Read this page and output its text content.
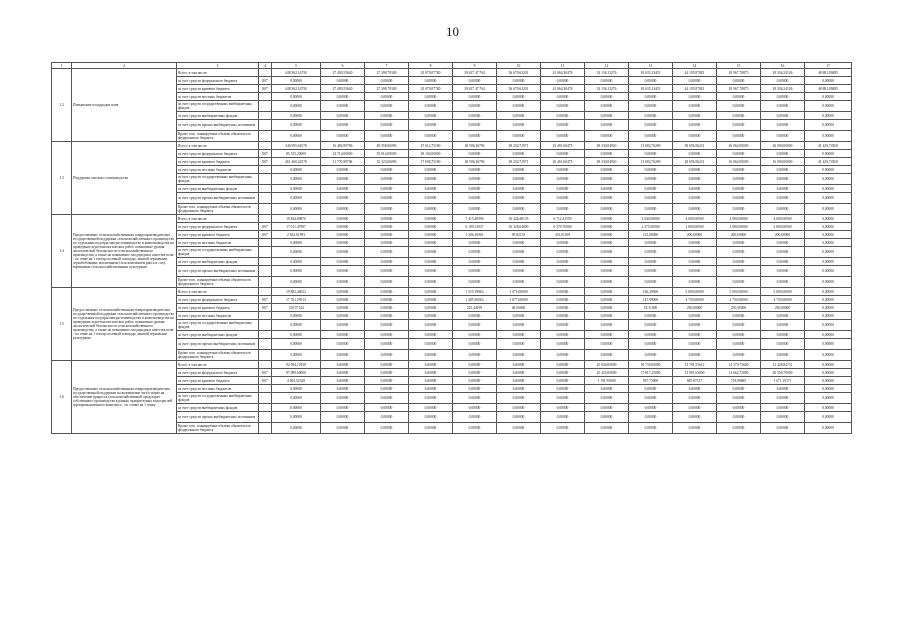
10
1	2	3	4	5	6	7	8	9	10	11	12	13	14	15	16	17
1.2	Повышение плодородия почв	Всего, в том числе:		448 362,16750	27 490 55640	27 398,79349	35 079,07780	39 637 47 764	36 670,63201	41 064,30478	33 136,13276	18 635,13433	44 105,87881	18 967,78875	29 336,54126	48 881,09485
		за счет средств федерального бюджета	807	0,00000	0,00000	0,00000	0,00000	0,00000	0,00000	0,00000	0,00000	0,00000	0,00000	0,00000	0,00000	0,00000
		за счет средств краевого бюджета	807	448 362,16750	27 490,55640	27 398,79349	35 079,07780	39 637 47 764	36 670,63201	41 064,30478	33 136,13276	18 635,13433	44 105,87881	18 967,78875	29 336,54126	48 881,09485
		за счет средств местных бюджетов		0,00000	0,00000	0,00000	0,00000	0,00000	0,00000	0,00000	0,00000	0,00000	0,00000	0,00000	0,00000	0,00000
		за счет средств государственных внебюджетных фондов		0,00000	0,00000	0,00000	0,00000	0,00000	0,00000	0,00000	0,00000	0,00000	0,00000	0,00000	0,00000	0,00000
		за счет средств внебюджетных фондов		0,00000	0,00000	0,00000	0,00000	0,00000	0,00000	0,00000	0,00000	0,00000	0,00000	0,00000	0,00000	0,00000
		за счет средств прочих внебюджетных источников		0,00000	0,00000	0,00000	0,00000	0,00000	0,00000	0,00000	0,00000	0,00000	0,00000	0,00000	0,00000	0,00000
		Кроме того, планируемые объемы обязательств федерального бюджета		0,00000	0,00000	0,00000	0,00000	0,00000	0,00000	0,00000	0,00000	0,00000	0,00000	0,00000	0,00000	0,00000
1.3	Поддержка элитного семеноводства	Всего, в том числе:		346 995,62570	16 484,99796	49 358,06090	47 612,75180	28 506,36796	29 232,72971	23 491,60475	29 330,04920	13 683,70269	30 096,56231	26 062,00000	26 000,00000	41 429,74569
		за счет средств федерального бюджета	807	85 535,20000	24 714,00000	55 014,00000	29 104,00000	0,00000	0,00000	0,00000	0,00000	0,00000	0,00000	0,00000	0,00000	0,00000
		за счет средств краевого бюджета	807	261 460,42570	11 770,99796	35 323,06090	17 608,75180	28 506,36796	29 232,72971	20 461,60475	29 330,04920	13 683,70269	20 096,56231	16 062,00000	16 000,00000	41 429,74569
		за счет средств местных бюджетов		0,00000	0,00000	0,00000	0,00000	0,00000	0,00000	0,00000	0,00000	0,00000	0,00000	0,00000	0,00000	0,00000
		за счет средств государственных внебюджетных фондов		0,00000	0,00000	0,00000	0,00000	0,00000	0,00000	0,00000	0,00000	0,00000	0,00000	0,00000	0,00000	0,00000
		за счет средств внебюджетных фондов		0,00000	0,00000	0,00000	0,00000	0,00000	0,00000	0,00000	0,00000	0,00000	0,00000	0,00000	0,00000	0,00000
		за счет средств прочих внебюджетных источников		0,00000	0,00000	0,00000	0,00000	0,00000	0,00000	0,00000	0,00000	0,00000	0,00000	0,00000	0,00000	0,00000
		Кроме того, планируемые объемы обязательств федерального бюджета		0,00000	0,00000	0,00000	0,00000	0,00000	0,00000	0,00000	0,00000	0,00000	0,00000	0,00000	0,00000	0,00000
1.4	Предоставление сельскохозяйственным товаропроизводителям государственной поддержки сельскохозяйственного производства по отдельным подотраслям растениеводства и животноводства на проведение агротехнологических работ, повышение уровня экологической безопасности сельскохозяйственного производства, а также на повышение плодородия и качества почв - по севке на 1 гектар посевной площади, занятой зерновыми, зернобобовыми, масличными (за исключением рапса и сои), кормовыми сельскохозяйственными культурами	Всего, в том числе:		19 844,09870	0,00000	0,00000	0,00000	7 415,40990	10 326,48135	6 712,41559	0,00000	2 040,00000	4 000,00000	4 000,00000	4 000,00000	0,00000
		за счет средств федерального бюджета	807	17 011,47997	0,00000	0,00000	0,00000	6 109,13037	10 328,64000	6 370,70000	0,00000	2 375,00000	1 800,00000	3 800,00000	3 800,00000	0,00000
		за счет средств краевого бюджета	807	2 832,61993	0,00000	0,00000	0,00000	1 206,16961	99 82135	333,01559	0,00000	125,00000	200,00000	200,00000	200,00000	0,00000
		за счет средств местных бюджетов		0,00000	0,00000	0,00000	0,00000	0,00000	0,00000	0,00000	0,00000	0,00000	0,00000	0,00000	0,00000	0,00000
		за счет средств государственных внебюджетных фондов		0,00000	0,00000	0,00000	0,00000	0,00000	0,00000	0,00000	0,00000	0,00000	0,00000	0,00000	0,00000	0,00000
		за счет средств внебюджетных фондов		0,00000	0,00000	0,00000	0,00000	0,00000	0,00000	0,00000	0,00000	0,00000	0,00000	0,00000	0,00000	0,00000
		за счет средств прочих внебюджетных источников		0,00000	0,00000	0,00000	0,00000	0,00000	0,00000	0,00000	0,00000	0,00000	0,00000	0,00000	0,00000	0,00000
		Кроме того, планируемые объемы обязательств федерального бюджета		0,00000	0,00000	0,00000	0,00000	0,00000	0,00000	0,00000	0,00000	0,00000	0,00000	0,00000	0,00000	0,00000
1.5	Предоставление сельскохозяйственным товаропроизводителям государственной поддержки сельскохозяйственного производства по отдельным подотраслям растениеводства и животноводства на проведение агротехнологических работ, повышение уровня экологической безопасности сельскохозяйственного производства, а также на повышение плодородия и качества почв - по севке на 1 гектар посевной площади, занятой зерновыми культурами	Всего, в том числе:		19 882,44022	0,00000	0,00000	0,00000	1 510 39863	1 075,00000	0,00000	0,00000	166,30000	5 000,00000	5 000,00000	5 000,00000	0,00000
		за счет средств федерального бюджета	807	17 761,59513	0,00000	0,00000	0,00000	1 285,56063	1 077,00000	0,00000	0,00000	147,99000	4 750,00000	4 750,00000	4 750,00000	0,00000
		за счет средств краевого бюджета	807	120 97144	0,00000	0,00000	0,00000	225 44199	48 00000	0,00000	0,00000	18,31000	250,00000	250,00000	250,00000	0,00000
		за счет средств местных бюджетов		0,00000	0,00000	0,00000	0,00000	0,00000	0,00000	0,00000	0,00000	0,00000	0,00000	0,00000	0,00000	0,00000
		за счет средств государственных внебюджетных фондов		0,00000	0,00000	0,00000	0,00000	0,00000	0,00000	0,00000	0,00000	0,00000	0,00000	0,00000	0,00000	0,00000
		за счет средств внебюджетных фондов		0,00000	0,00000	0,00000	0,00000	0,00000	0,00000	0,00000	0,00000	0,00000	0,00000	0,00000	0,00000	0,00000
		за счет средств прочих внебюджетных источников		0,00000	0,00000	0,00000	0,00000	0,00000	0,00000	0,00000	0,00000	0,00000	0,00000	0,00000	0,00000	0,00000
		Кроме того, планируемые объемы обязательств федерального бюджета		0,00000	0,00000	0,00000	0,00000	0,00000	0,00000	0,00000	0,00000	0,00000	0,00000	0,00000	0,00000	0,00000
1.6	Предоставление сельскохозяйственным товаропроизводителям государственной поддержки на возмещение части затрат на обеспечение прироста сельскохозяйственной продукции собственного производства в рамках приоритетных подотраслей агропромышленного комплекса - по ставке на 1 тонну	Всего, в том числе:		92 094,12938	0,00000	0,00000	0,00000	0,00000	0,00000	0,00000	25 630,00000	18 735,00000	13 781,55612	14 379,73600	21 428,84731	0,00000
		за счет средств федерального бюджета	807	87 089,60000	0,00000	0,00000	0,00000	0,00000	0,00000	0,00000	25 435,00000	17 817,25000	13 091,63000	13 662,73000	20 356,70000	0,00000
		за счет средств краевого бюджета	807	4 004,52528	0,00000	0,00000	0,00000	0,00000	0,00000	0,00000	1 191 95000	937,75000	685 87137	718,98685	1 071,19171	0,00000
		за счет средств местных бюджетов		0,00000	0,00000	0,00000	0,00000	0,00000	0,00000	0,00000	0,00000	0,00000	0,00000	0,00000	0,00000	0,00000
		за счет средств государственных внебюджетных фондов		0,00000	0,00000	0,00000	0,00000	0,00000	0,00000	0,00000	0,00000	0,00000	0,00000	0,00000	0,00000	0,00000
		за счет средств внебюджетных фондов		0,00000	0,00000	0,00000	0,00000	0,00000	0,00000	0,00000	0,00000	0,00000	0,00000	0,00000	0,00000	0,00000
		за счет средств прочих внебюджетных источников		0,00000	0,00000	0,00000	0,00000	0,00000	0,00000	0,00000	0,00000	0,00000	0,00000	0,00000	0,00000	0,00000
		Кроме того, планируемые объемы обязательств федерального бюджета		0,00000	0,00000	0,00000	0,00000	0,00000	0,00000	0,00000	0,00000	0,00000	0,00000	0,00000	0,00000	0,00000
